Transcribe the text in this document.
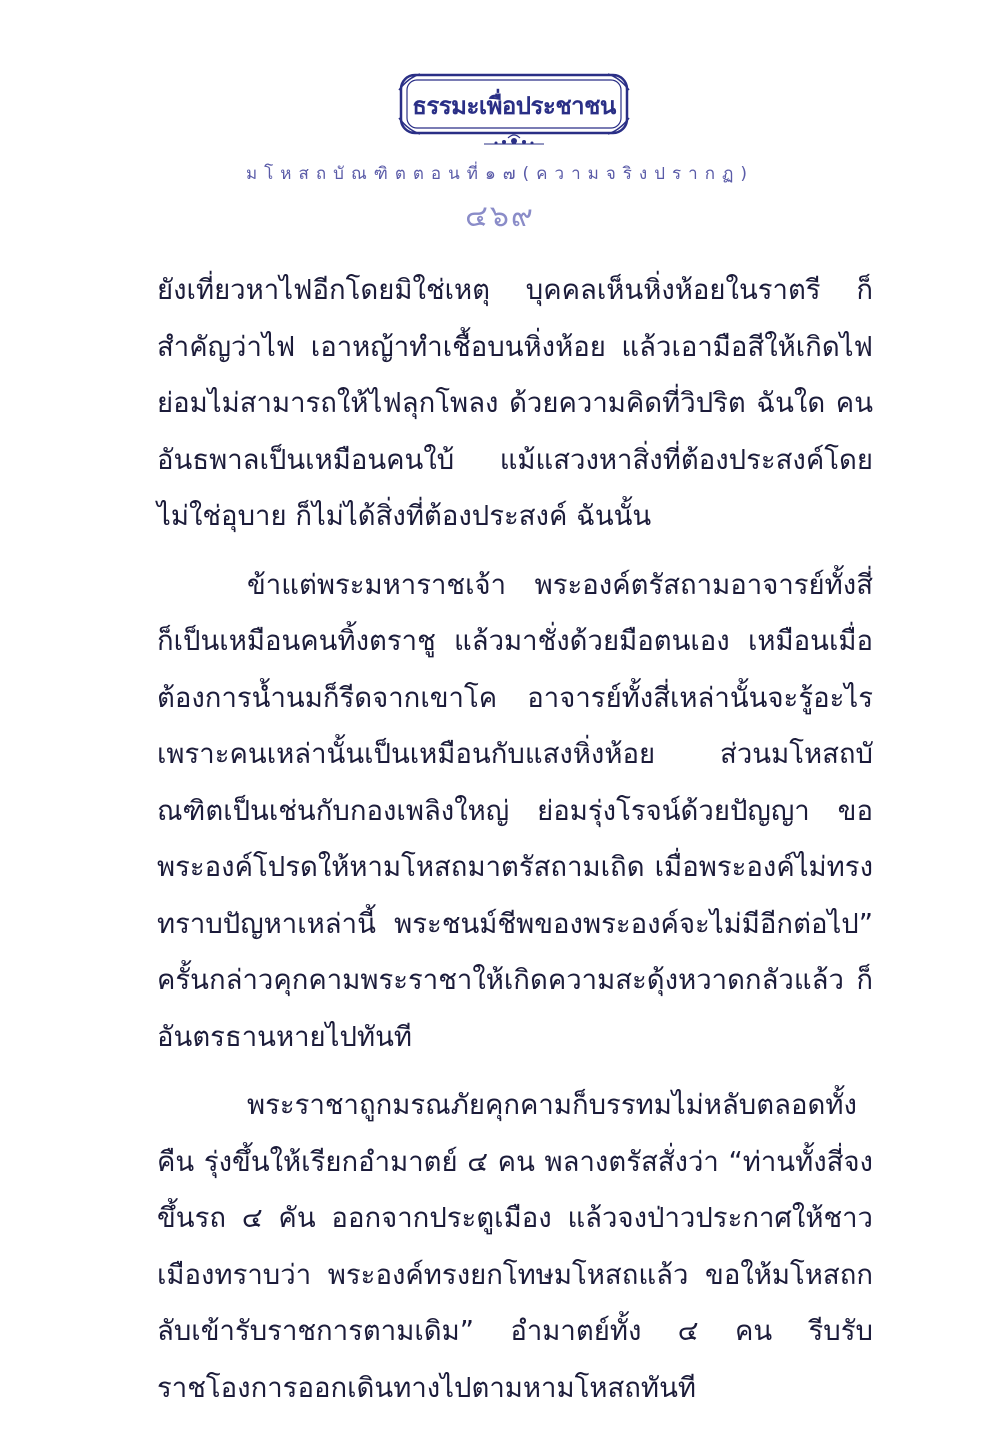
ธรรมะเพื่อประชาชน
มโหสถบัณฑิตตอนที่๑๗(ความจริงปรากฏ)
๔๖๙

ยังเที่ยวหาไฟอีกโดยมิใช่เหตุ บุคคลเห็นหิ่งห้อยในราตรี ก็สำคัญว่าไฟ เอาหญ้าทำเชื้อบนหิ่งห้อย แล้วเอามือสีให้เกิดไฟ ย่อมไม่สามารถให้ไฟลุกโพลง ด้วยความคิดที่วิปริต ฉันใด คนอันธพาลเป็นเหมือนคนใบ้ แม้แสวงหาสิ่งที่ต้องประสงค์โดยไม่ใช่อุบาย ก็ไม่ได้สิ่งที่ต้องประสงค์ ฉันนั้น

ข้าแต่พระมหาราชเจ้า พระองค์ตรัสถามอาจารย์ทั้งสี่ ก็เป็นเหมือนคนทิ้งตราชู แล้วมาชั่งด้วยมือตนเอง เหมือนเมื่อต้องการน้ำนมก็รีดจากเขาโค อาจารย์ทั้งสี่เหล่านั้นจะรู้อะไร เพราะคนเหล่านั้นเป็นเหมือนกับแสงหิ่งห้อย ส่วนมโหสถบัณฑิตเป็นเช่นกับกองเพลิงใหญ่ ย่อมรุ่งโรจน์ด้วยปัญญา ขอพระองค์โปรดให้หามโหสถมาตรัสถามเถิด เมื่อพระองค์ไม่ทรงทราบปัญหาเหล่านี้ พระชนม์ชีพของพระองค์จะไม่มีอีกต่อไป” ครั้นกล่าวคุกคามพระราชาให้เกิดความสะดุ้งหวาดกลัวแล้ว ก็อันตรธานหายไปทันที

พระราชาถูกมรณภัยคุกคามก็บรรทมไม่หลับตลอดทั้งคืน รุ่งขึ้นให้เรียกอำมาตย์ ๔ คน พลางตรัสสั่งว่า “ท่านทั้งสี่จงขึ้นรถ ๔ คัน ออกจากประตูเมือง แล้วจงป่าวประกาศให้ชาวเมืองทราบว่า พระองค์ทรงยกโทษมโหสถแล้ว ขอให้มโหสถกลับเข้ารับราชการตามเดิม” อำมาตย์ทั้ง ๔ คน รีบรับราชโองการออกเดินทางไปตามหามโหสถทันที
